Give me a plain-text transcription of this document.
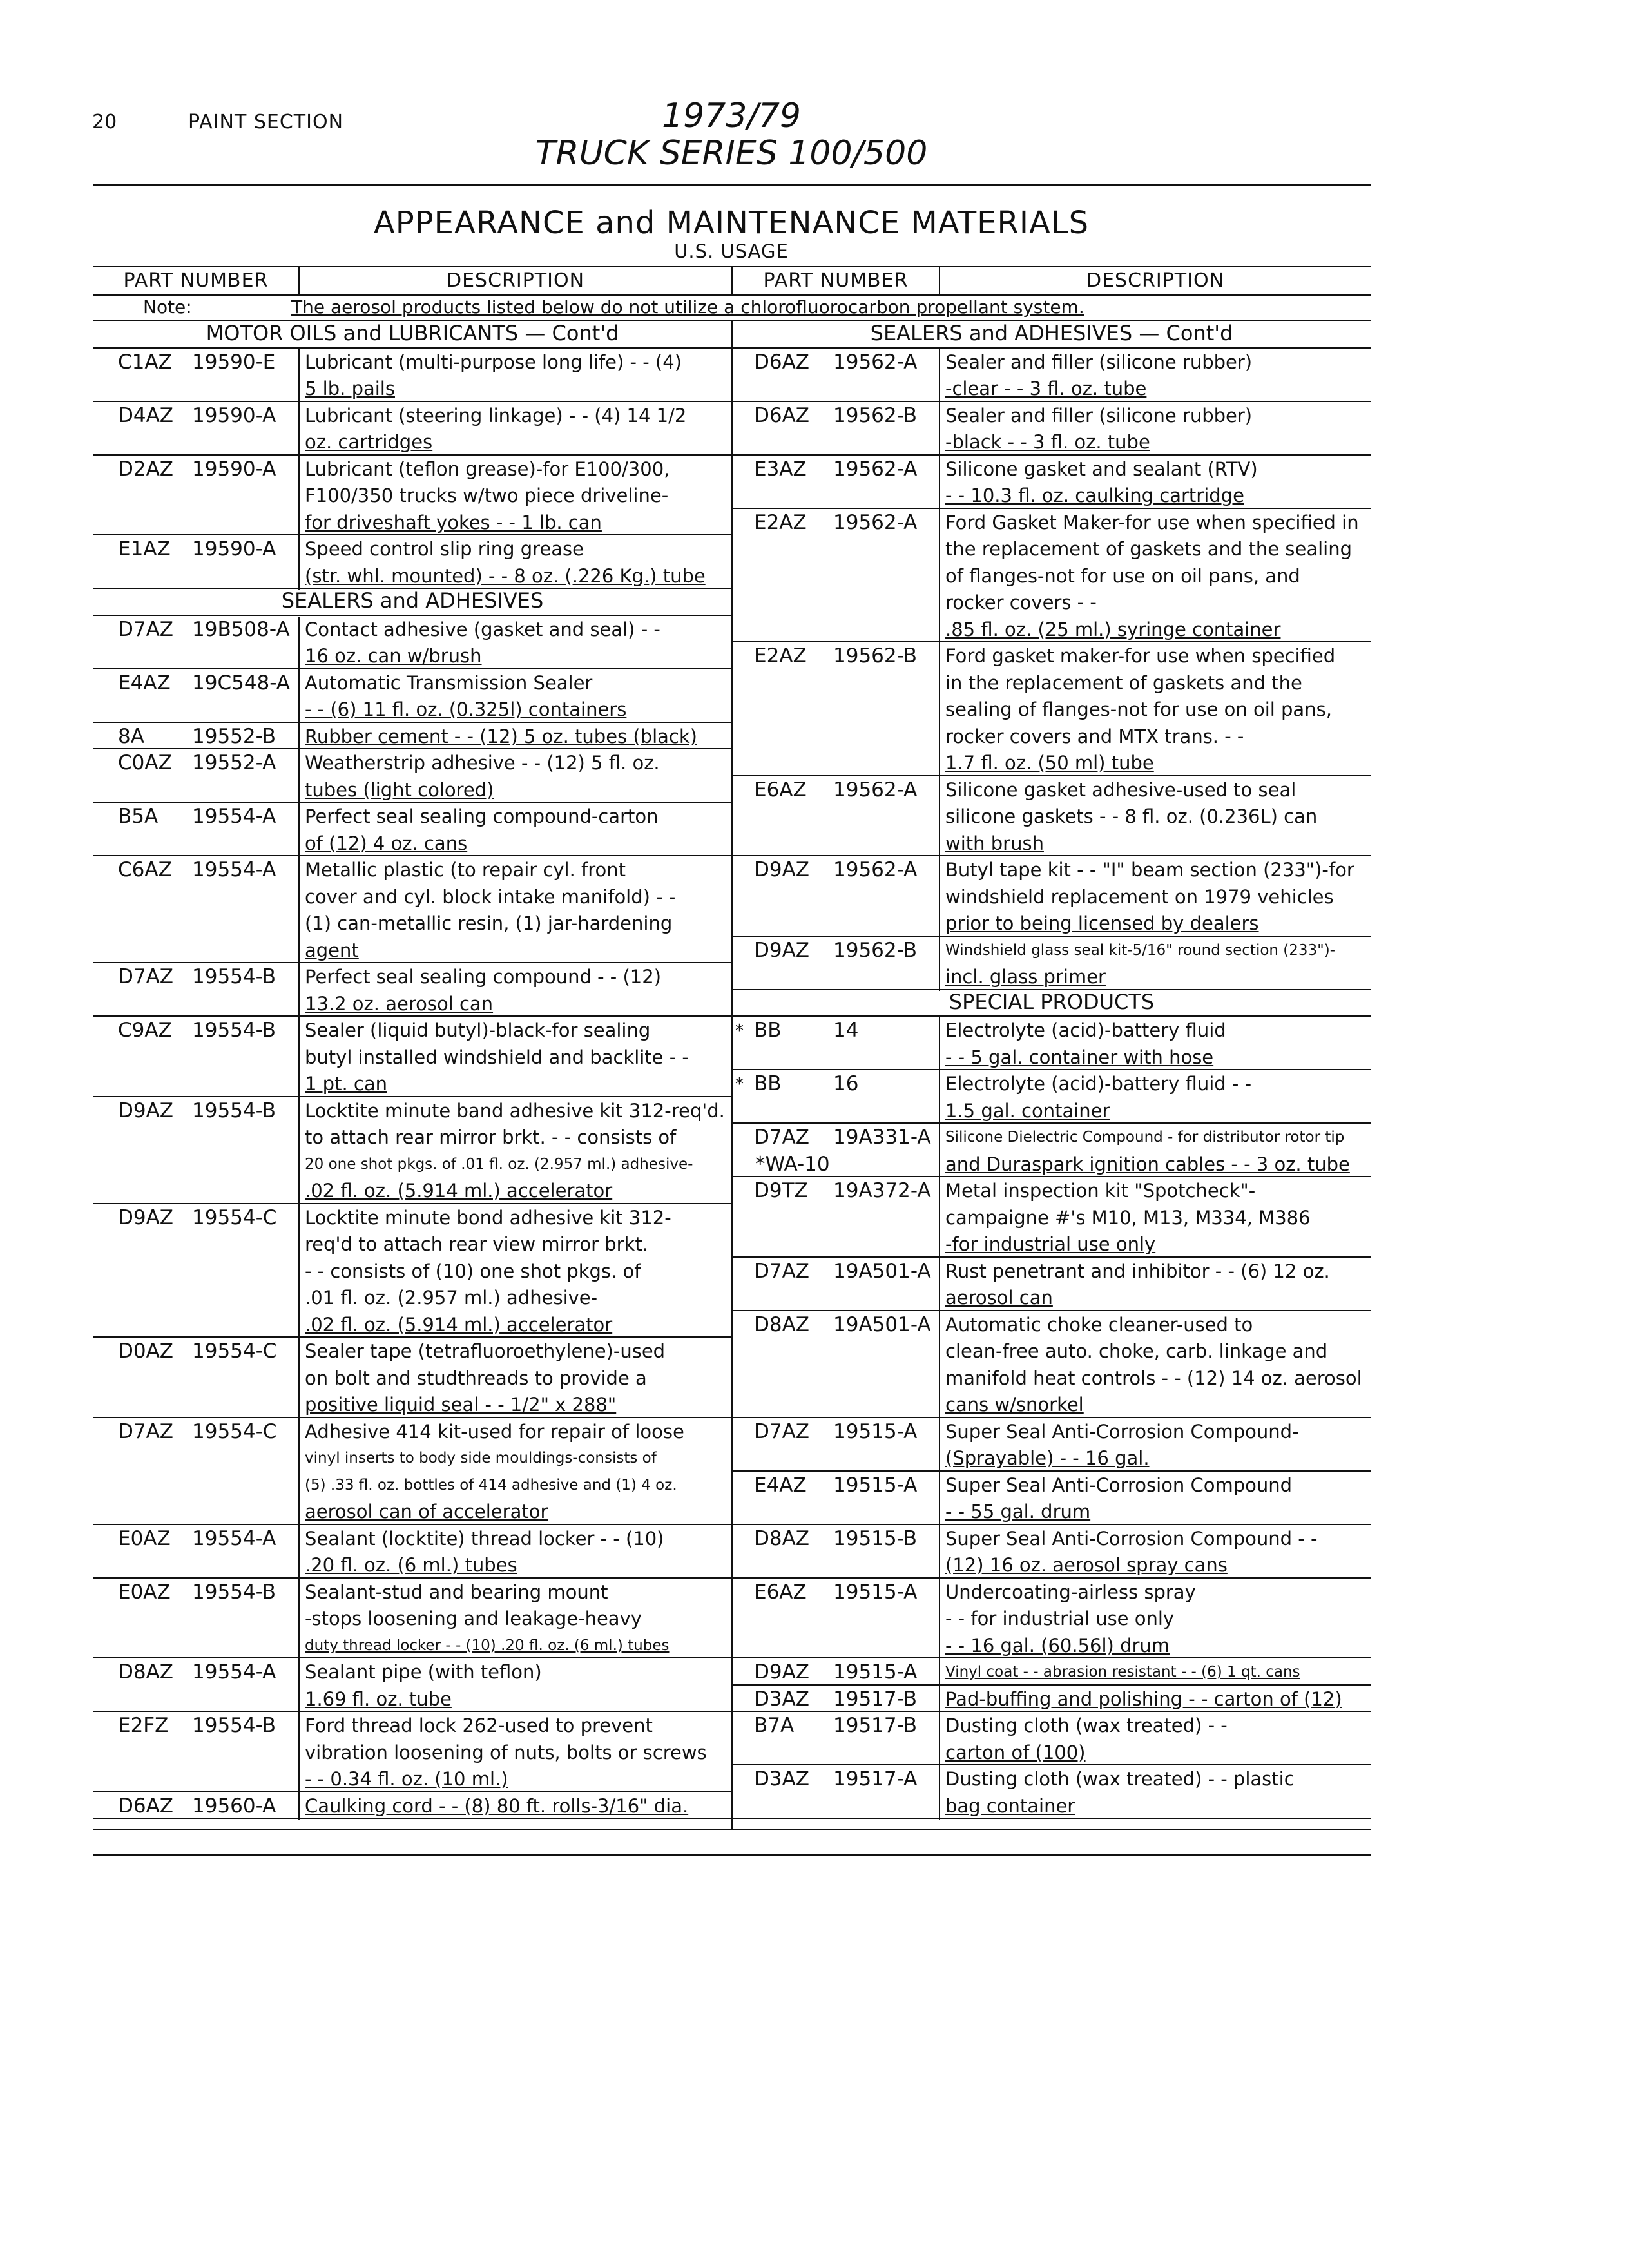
20	PAINT SECTION	1973/79
TRUCK SERIES 100/500
APPEARANCE and MAINTENANCE MATERIALS
U.S. USAGE
PART NUMBER	DESCRIPTION	PART NUMBER	DESCRIPTION
Note:	The aerosol products listed below do not utilize a chlorofluorocarbon propellant system.
MOTOR OILS and LUBRICANTS — Cont'd
C1AZ 19590-E Lubricant (multi-purpose long life) - - (4)
5 lb. pails
D4AZ 19590-A Lubricant (steering linkage) - - (4) 14 1/2
oz. cartridges
D2AZ 19590-A Lubricant (teflon grease)-for E100/300,
F100/350 trucks w/two piece driveline-
for driveshaft yokes - - 1 lb. can
E1AZ 19590-A Speed control slip ring grease
(str. whl. mounted) - - 8 oz. (.226 Kg.) tube
SEALERS and ADHESIVES
D7AZ 19B508-A Contact adhesive (gasket and seal) - -
16 oz. can w/brush
E4AZ 19C548-A Automatic Transmission Sealer
- - (6) 11 fl. oz. (0.325l) containers
8A 19552-B Rubber cement - - (12) 5 oz. tubes (black)
C0AZ 19552-A Weatherstrip adhesive - - (12) 5 fl. oz.
tubes (light colored)
B5A 19554-A Perfect seal sealing compound-carton
of (12) 4 oz. cans
C6AZ 19554-A Metallic plastic (to repair cyl. front
cover and cyl. block intake manifold) - -
(1) can-metallic resin, (1) jar-hardening
agent
D7AZ 19554-B Perfect seal sealing compound - - (12)
13.2 oz. aerosol can
C9AZ 19554-B Sealer (liquid butyl)-black-for sealing
butyl installed windshield and backlite - -
1 pt. can
D9AZ 19554-B Locktite minute band adhesive kit 312-req'd.
to attach rear mirror brkt. - - consists of
20 one shot pkgs. of .01 fl. oz. (2.957 ml.) adhesive-
.02 fl. oz. (5.914 ml.) accelerator
D9AZ 19554-C Locktite minute bond adhesive kit 312-
req'd to attach rear view mirror brkt.
- - consists of (10) one shot pkgs. of
.01 fl. oz. (2.957 ml.) adhesive-
.02 fl. oz. (5.914 ml.) accelerator
D0AZ 19554-C Sealer tape (tetrafluoroethylene)-used
on bolt and studthreads to provide a
positive liquid seal - - 1/2" x 288"
D7AZ 19554-C Adhesive 414 kit-used for repair of loose
vinyl inserts to body side mouldings-consists of
(5) .33 fl. oz. bottles of 414 adhesive and (1) 4 oz.
aerosol can of accelerator
E0AZ 19554-A Sealant (locktite) thread locker - - (10)
.20 fl. oz. (6 ml.) tubes
E0AZ 19554-B Sealant-stud and bearing mount
-stops loosening and leakage-heavy
duty thread locker - - (10) .20 fl. oz. (6 ml.) tubes
D8AZ 19554-A Sealant pipe (with teflon)
1.69 fl. oz. tube
E2FZ 19554-B Ford thread lock 262-used to prevent
vibration loosening of nuts, bolts or screws
- - 0.34 fl. oz. (10 ml.)
D6AZ 19560-A Caulking cord - - (8) 80 ft. rolls-3/16" dia.
SEALERS and ADHESIVES — Cont'd
D6AZ 19562-A Sealer and filler (silicone rubber)
-clear - - 3 fl. oz. tube
D6AZ 19562-B Sealer and filler (silicone rubber)
-black - - 3 fl. oz. tube
E3AZ 19562-A Silicone gasket and sealant (RTV)
- - 10.3 fl. oz. caulking cartridge
E2AZ 19562-A Ford Gasket Maker-for use when specified in
the replacement of gaskets and the sealing
of flanges-not for use on oil pans, and
rocker covers - -
.85 fl. oz. (25 ml.) syringe container
E2AZ 19562-B Ford gasket maker-for use when specified
in the replacement of gaskets and the
sealing of flanges-not for use on oil pans,
rocker covers and MTX trans. - -
1.7 fl. oz. (50 ml) tube
E6AZ 19562-A Silicone gasket adhesive-used to seal
silicone gaskets - - 8 fl. oz. (0.236L) can
with brush
D9AZ 19562-A Butyl tape kit - - "I" beam section (233")-for
windshield replacement on 1979 vehicles
prior to being licensed by dealers
D9AZ 19562-B Windshield glass seal kit-5/16" round section (233")-
incl. glass primer
SPECIAL PRODUCTS
* BB	14	Electrolyte (acid)-battery fluid
- - 5 gal. container with hose
* BB	16	Electrolyte (acid)-battery fluid - -
1.5 gal. container
D7AZ 19A331-A
*WA-10
Silicone Dielectric Compound - for distributor rotor tip
and Duraspark ignition cables - - 3 oz. tube
D9TZ 19A372-A Metal inspection kit "Spotcheck"-
campaigne #'s M10, M13, M334, M386
-for industrial use only
D7AZ 19A501-A Rust penetrant and inhibitor - - (6) 12 oz.
aerosol can
D8AZ 19A501-A Automatic choke cleaner-used to
clean-free auto. choke, carb. linkage and
manifold heat controls - - (12) 14 oz. aerosol
cans w/snorkel
D7AZ 19515-A Super Seal Anti-Corrosion Compound-
(Sprayable) - - 16 gal.
E4AZ 19515-A Super Seal Anti-Corrosion Compound
- - 55 gal. drum
D8AZ 19515-B Super Seal Anti-Corrosion Compound - -
(12) 16 oz. aerosol spray cans
E6AZ 19515-A Undercoating-airless spray
- - for industrial use only
- - 16 gal. (60.56l) drum
D9AZ 19515-A Vinyl coat - - abrasion resistant - - (6) 1 qt. cans
D3AZ 19517-B Pad-buffing and polishing - - carton of (12)
B7A 19517-B Dusting cloth (wax treated) - -
carton of (100)
D3AZ 19517-A Dusting cloth (wax treated) - - plastic
bag container
